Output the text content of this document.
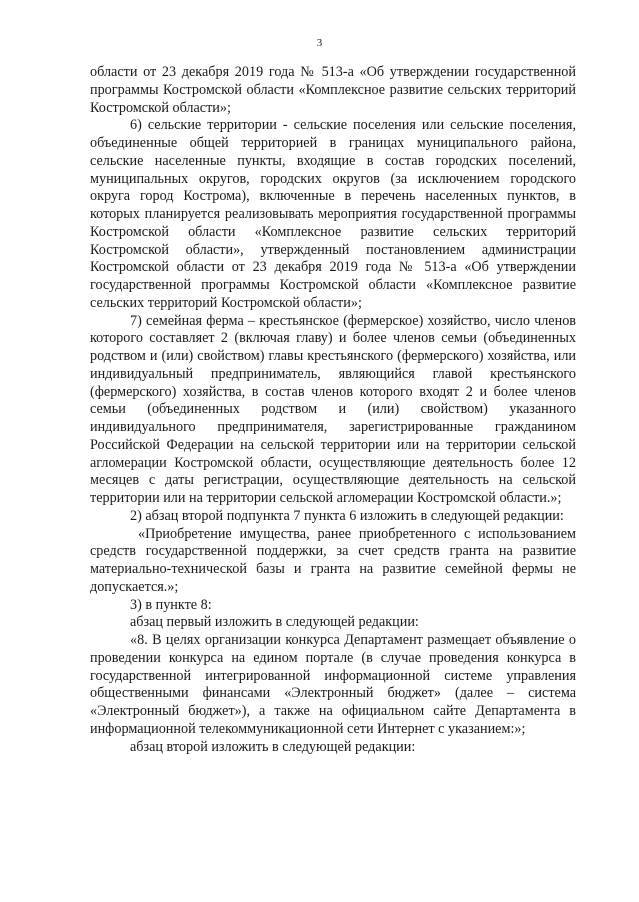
3

области от 23 декабря 2019 года № 513-а «Об утверждении государственной программы Костромской области «Комплексное развитие сельских территорий Костромской области»;

6) сельские территории - сельские поселения или сельские поселения, объединенные общей территорией в границах муниципального района, сельские населенные пункты, входящие в состав городских поселений, муниципальных округов, городских округов (за исключением городского округа город Кострома), включенные в перечень населенных пунктов, в которых планируется реализовывать мероприятия государственной программы Костромской области «Комплексное развитие сельских территорий Костромской области», утвержденный постановлением администрации Костромской области от 23 декабря 2019 года № 513-а «Об утверждении государственной программы Костромской области «Комплексное развитие сельских территорий Костромской области»;

7) семейная ферма – крестьянское (фермерское) хозяйство, число членов которого составляет 2 (включая главу) и более членов семьи (объединенных родством и (или) свойством) главы крестьянского (фермерского) хозяйства, или индивидуальный предприниматель, являющийся главой крестьянского (фермерского) хозяйства, в состав членов которого входят 2 и более членов семьи (объединенных родством и (или) свойством) указанного индивидуального предпринимателя, зарегистрированные гражданином Российской Федерации на сельской территории или на территории сельской агломерации Костромской области, осуществляющие деятельность более 12 месяцев с даты регистрации, осуществляющие деятельность на сельской территории или на территории сельской агломерации Костромской области.»;

2) абзац второй подпункта 7 пункта 6 изложить в следующей редакции:

«Приобретение имущества, ранее приобретенного с использованием средств государственной поддержки, за счет средств гранта на развитие материально-технической базы и гранта на развитие семейной фермы не допускается.»;

3) в пункте 8:

абзац первый изложить в следующей редакции:

«8. В целях организации конкурса Департамент размещает объявление о проведении конкурса на едином портале (в случае проведения конкурса в государственной интегрированной информационной системе управления общественными финансами «Электронный бюджет» (далее – система «Электронный бюджет»), а также на официальном сайте Департамента в информационной телекоммуникационной сети Интернет с указанием:»;

абзац второй изложить в следующей редакции:
